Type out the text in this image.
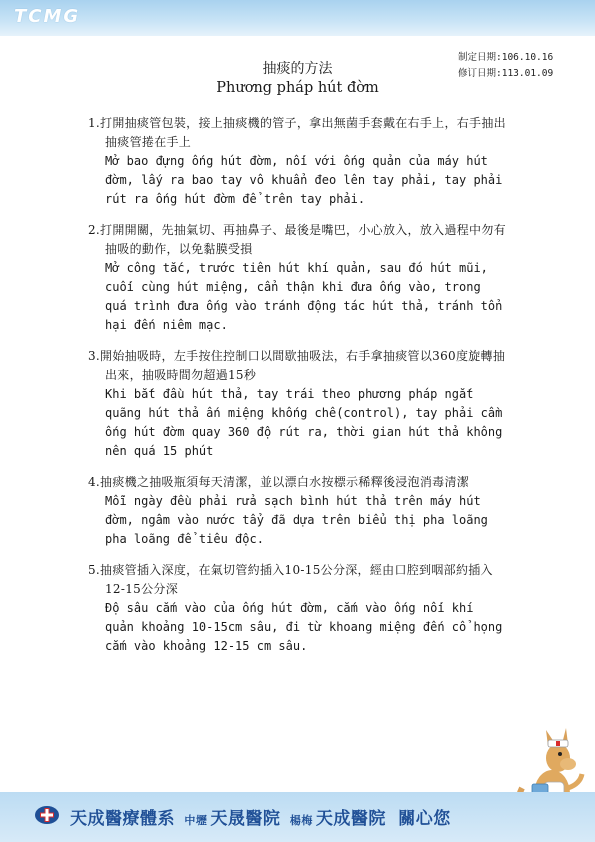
TCMG
制定日期:106.10.16
修订日期:113.01.09
抽痰的方法
Phương pháp hút đờm
1.打開抽痰管包裝，接上抽痰機的管子，拿出無菌手套戴在右手上，右手抽出抽痰管捲在手上
Mở bao đựng ống hút đờm, nối với ống quản của máy hút đờm, lấy ra bao tay vô khuẩn đeo lên tay phải, tay phải rút ra ống hút đờm để trên tay phải.
2.打開開關，先抽氣切、再抽鼻子、最後是嘴巴，小心放入，放入過程中勿有抽吸的動作，以免黏膜受損
Mở công tắc, trước tiên hút khí quản, sau đó hút mũi, cuối cùng hút miệng, cẩn thận khi đưa ống vào, trong quá trình đưa ống vào tránh động tác hút thả, tránh tổn hại đến niêm mạc.
3.開始抽吸時，左手按住控制口以間歇抽吸法，右手拿抽痰管以360度旋轉抽出來，抽吸時間勿超過15秒
Khi bắt đầu hút thả, tay trái theo phương pháp ngắt quãng hút thả ấn miệng khống chế(control), tay phải cầm ống hút đờm quay 360 độ rút ra, thời gian hút thả không nên quá 15 phút
4.抽痰機之抽吸瓶須每天清潔，並以漂白水按標示稀釋後浸泡消毒清潔
Mỗi ngày đều phải rửa sạch bình hút thả trên máy hút đờm, ngâm vào nước tẩy đã dựa trên biểu thị pha loãng pha loãng để tiêu độc.
5.抽痰管插入深度，在氣切管約插入10-15公分深，經由口腔到咽部約插入12-15公分深
Độ sâu cắm vào của ống hút đờm, cắm vào ống nối khí quản khoảng 10-15cm sâu, đi từ khoang miệng đến cổ họng cắm vào khoảng 12-15 cm sâu.
天成醫療體系 中壢 天晟醫院 楊梅 天成醫院 關心您
